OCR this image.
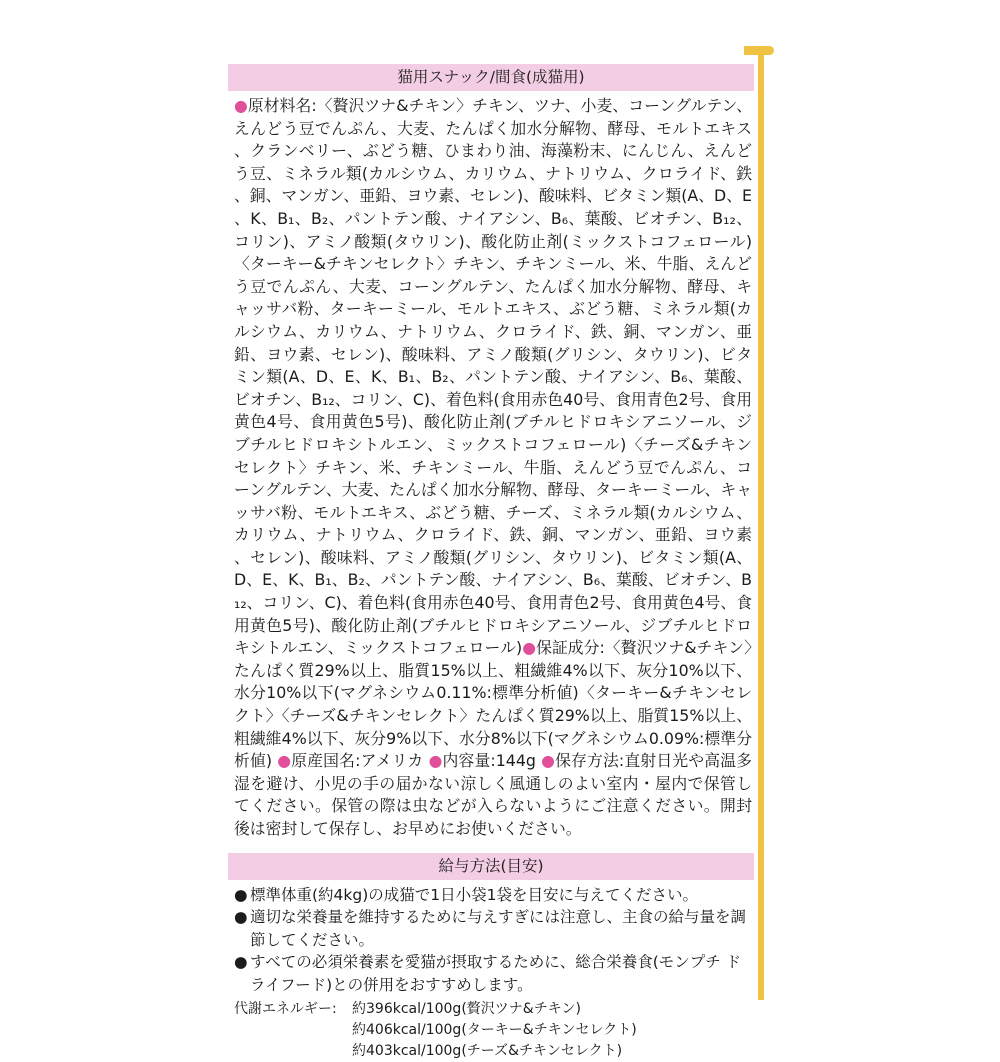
猫用スナック/間食(成猫用)

●原材料名:〈贅沢ツナ&チキン〉チキン、ツナ、小麦、コーングルテン、えんどう豆でんぷん、大麦、たんぱく加水分解物、酵母、モルトエキス、クランベリー、ぶどう糖、ひまわり油、海藻粉末、にんじん、えんどう豆、ミネラル類(カルシウム、カリウム、ナトリウム、クロライド、鉄、銅、マンガン、亜鉛、ヨウ素、セレン)、酸味料、ビタミン類(A、D、E、K、B₁、B₂、パントテン酸、ナイアシン、B₆、葉酸、ビオチン、B₁₂、コリン)、アミノ酸類(タウリン)、酸化防止剤(ミックストコフェロール)〈ターキー&チキンセレクト〉チキン、チキンミール、米、牛脂、えんどう豆でんぷん、大麦、コーングルテン、たんぱく加水分解物、酵母、キャッサバ粉、ターキーミール、モルトエキス、ぶどう糖、ミネラル類(カルシウム、カリウム、ナトリウム、クロライド、鉄、銅、マンガン、亜鉛、ヨウ素、セレン)、酸味料、アミノ酸類(グリシン、タウリン)、ビタミン類(A、D、E、K、B₁、B₂、パントテン酸、ナイアシン、B₆、葉酸、ビオチン、B₁₂、コリン、C)、着色料(食用赤色40号、食用青色2号、食用黄色4号、食用黄色5号)、酸化防止剤(ブチルヒドロキシアニソール、ジブチルヒドロキシトルエン、ミックストコフェロール)〈チーズ&チキンセレクト〉チキン、米、チキンミール、牛脂、えんどう豆でんぷん、コーングルテン、大麦、たんぱく加水分解物、酵母、ターキーミール、キャッサバ粉、モルトエキス、ぶどう糖、チーズ、ミネラル類(カルシウム、カリウム、ナトリウム、クロライド、鉄、銅、マンガン、亜鉛、ヨウ素、セレン)、酸味料、アミノ酸類(グリシン、タウリン)、ビタミン類(A、D、E、K、B₁、B₂、パントテン酸、ナイアシン、B₆、葉酸、ビオチン、B₁₂、コリン、C)、着色料(食用赤色40号、食用青色2号、食用黄色4号、食用黄色5号)、酸化防止剤(ブチルヒドロキシアニソール、ジブチルヒドロキシトルエン、ミックストコフェロール)●保証成分:〈贅沢ツナ&チキン〉たんぱく質29%以上、脂質15%以上、粗繊維4%以下、灰分10%以下、水分10%以下(マグネシウム0.11%:標準分析値)〈ターキー&チキンセレクト〉〈チーズ&チキンセレクト〉たんぱく質29%以上、脂質15%以上、粗繊維4%以下、灰分9%以下、水分8%以下(マグネシウム0.09%:標準分析値) ●原産国名:アメリカ ●内容量:144g ●保存方法:直射日光や高温多湿を避け、小児の手の届かない涼しく風通しのよい室内・屋内で保管してください。保管の際は虫などが入らないようにご注意ください。開封後は密封して保存し、お早めにお使いください。

給与方法(目安)

● 標準体重(約4kg)の成猫で1日小袋1袋を目安に与えてください。

● 適切な栄養量を維持するために与えすぎには注意し、主食の給与量を調節してください。

● すべての必須栄養素を愛猫が摂取するために、総合栄養食(モンプチ ドライフード)との併用をおすすめします。

代謝エネルギー:	約396kcal/100g(贅沢ツナ&チキン)
約406kcal/100g(ターキー&チキンセレクト)
約403kcal/100g(チーズ&チキンセレクト)
